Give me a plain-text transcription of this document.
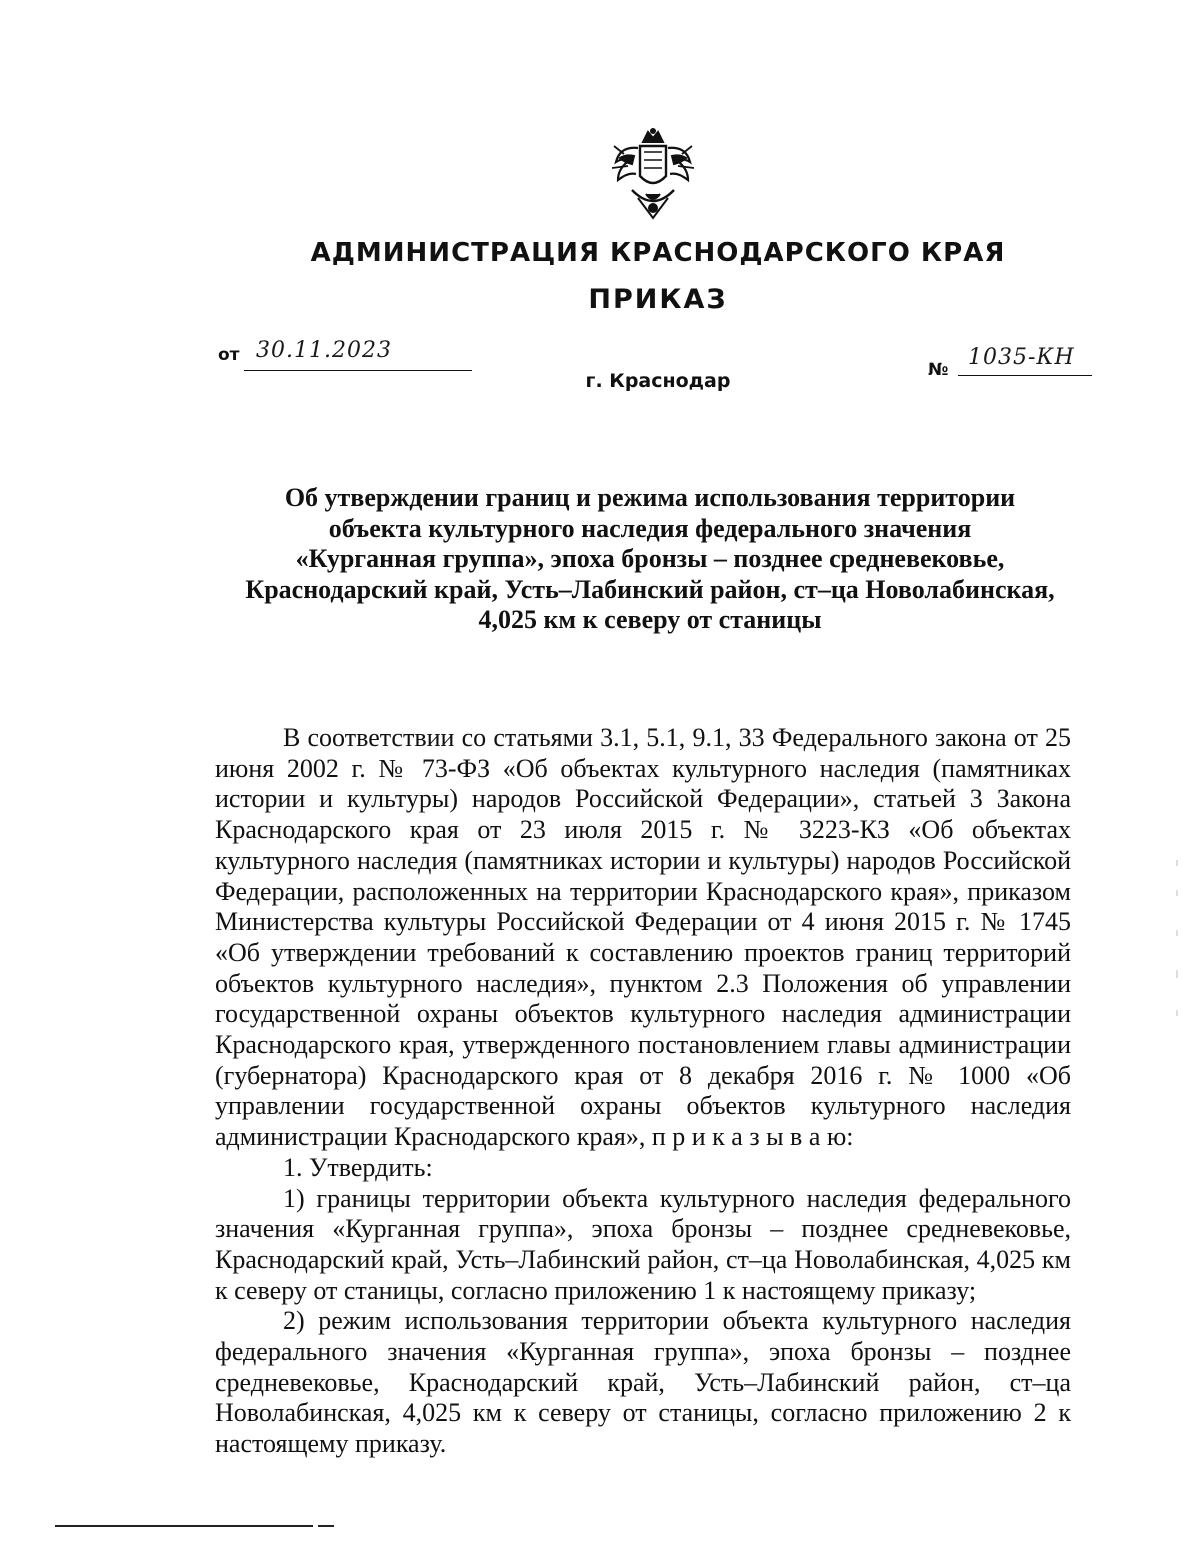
АДМИНИСТРАЦИЯ КРАСНОДАРСКОГО КРАЯ
ПРИКАЗ
от 30.11.2023
№ 1035-КН
г. Краснодар
Об утверждении границ и режима использования территории
объекта культурного наследия федерального значения
«Курганная группа», эпоха бронзы – позднее средневековье,
Краснодарский край, Усть–Лабинский район, ст–ца Новолабинская,
4,025 км к северу от станицы

В соответствии со статьями 3.1, 5.1, 9.1, 33 Федерального закона от 25 июня 2002 г. № 73-ФЗ «Об объектах культурного наследия (памятниках истории и культуры) народов Российской Федерации», статьей 3 Закона Краснодарского края от 23 июля 2015 г. № 3223-КЗ «Об объектах культурного наследия (памятниках истории и культуры) народов Российской Федерации, расположенных на территории Краснодарского края», приказом Министерства культуры Российской Федерации от 4 июня 2015 г. № 1745 «Об утверждении требований к составлению проектов границ территорий объектов культурного наследия», пунктом 2.3 Положения об управлении государственной охраны объектов культурного наследия администрации Краснодарского края, утвержденного постановлением главы администрации (губернатора) Краснодарского края от 8 декабря 2016 г. № 1000 «Об управлении государственной охраны объектов культурного наследия администрации Краснодарского края», п р и к а з ы в а ю:

1. Утвердить:

1) границы территории объекта культурного наследия федерального значения «Курганная группа», эпоха бронзы – позднее средневековье, Краснодарский край, Усть–Лабинский район, ст–ца Новолабинская, 4,025 км к северу от станицы, согласно приложению 1 к настоящему приказу;

2) режим использования территории объекта культурного наследия федерального значения «Курганная группа», эпоха бронзы – позднее средневековье, Краснодарский край, Усть–Лабинский район, ст–ца Новолабинская, 4,025 км к северу от станицы, согласно приложению 2 к настоящему приказу.
